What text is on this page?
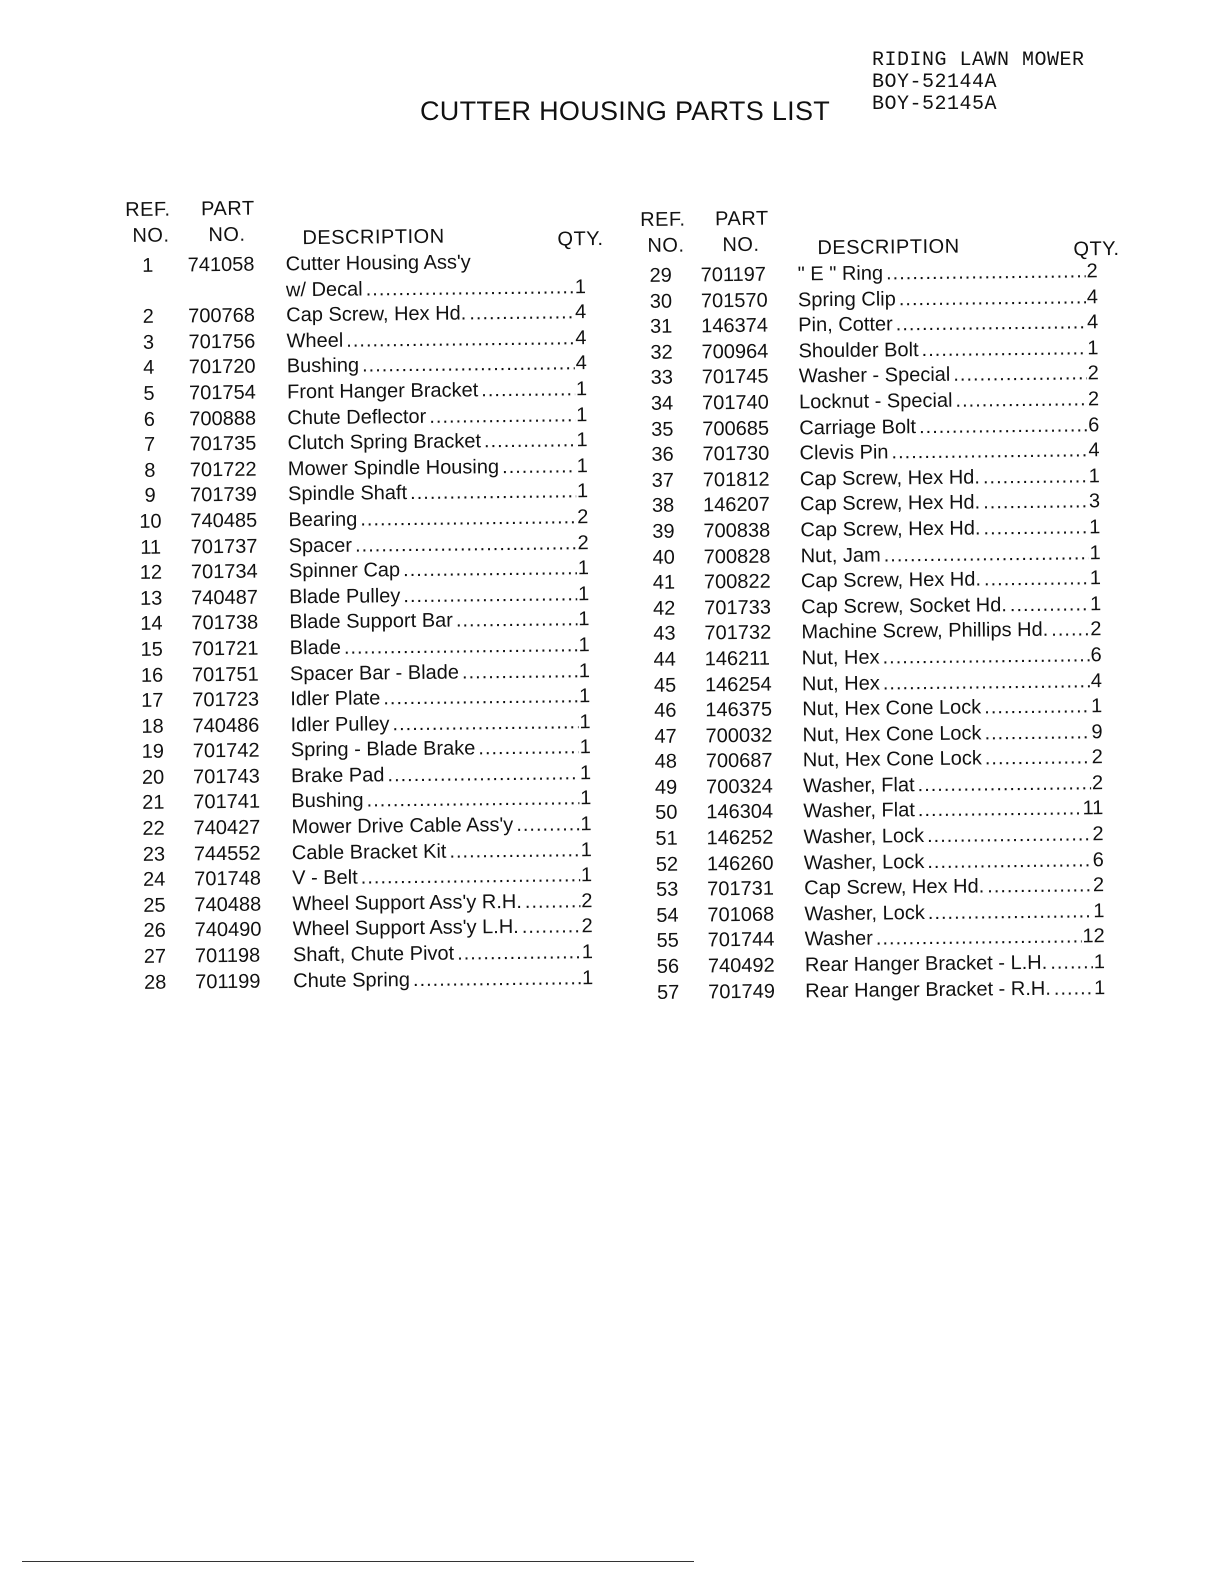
RIDING LAWN MOWER
BOY-52144A
BOY-52145A
CUTTER HOUSING PARTS LIST
REF.
NO.
PART
NO.	DESCRIPTION	QTY.
1	741058 Cutter Housing Ass'y
w/ Decal .....	1
2	700768 Cap Screw, Hex Hd. .....	4
3	701756 Wheel .....	4
4	701720 Bushing .....	4
5	701754 Front Hanger Bracket .....	1
6	700888 Chute Deflector .....	1
7	701735 Clutch Spring Bracket .....	1
8	701722 Mower Spindle Housing .....	1
9	701739 Spindle Shaft .....	1
10	740485 Bearing .....	2
11	701737 Spacer .....	2
12	701734 Spinner Cap .....	1
13	740487 Blade Pulley .....	1
14	701738 Blade Support Bar .....	1
15	701721 Blade .....	1
16	701751 Spacer Bar - Blade .....	1
17	701723 Idler Plate .....	1
18	740486 Idler Pulley .....	1
19	701742 Spring - Blade Brake .....	1
20	701743 Brake Pad .....	1
21	701741 Bushing .....	1
22	740427 Mower Drive Cable Ass'y .....	1
23	744552 Cable Bracket Kit .....	1
24	701748 V - Belt .....	1
25	740488 Wheel Support Ass'y R.H. .....	2
26	740490 Wheel Support Ass'y L.H. .....	2
27	701198 Shaft, Chute Pivot .....	1
28	701199 Chute Spring .....	1
REF.
NO.
PART
NO.	DESCRIPTION	QTY.
29	701197 " E " Ring .....	2
30	701570 Spring Clip .....	4
31	146374 Pin, Cotter .....	4
32	700964 Shoulder Bolt .....	1
33	701745 Washer - Special .....	2
34	701740 Locknut - Special .....	2
35	700685 Carriage Bolt .....	6
36	701730 Clevis Pin .....	4
37	701812 Cap Screw, Hex Hd. .....	1
38	146207 Cap Screw, Hex Hd. .....	3
39	700838 Cap Screw, Hex Hd. .....	1
40	700828 Nut, Jam .....	1
41	700822 Cap Screw, Hex Hd. .....	1
42	701733 Cap Screw, Socket Hd. .....	1
43	701732 Machine Screw, Phillips Hd. ..... 2
44	146211 Nut, Hex .....	6
45	146254 Nut, Hex .....	4
46	146375 Nut, Hex Cone Lock .....	1
47	700032 Nut, Hex Cone Lock .....	9
48	700687 Nut, Hex Cone Lock .....	2
49	700324 Washer, Flat .....	2
50	146304 Washer, Flat .....	11
51	146252 Washer, Lock .....	2
52	146260 Washer, Lock .....	6
53	701731 Cap Screw, Hex Hd. .....	2
54	701068 Washer, Lock .....	1
55	701744 Washer .....	12
56	740492 Rear Hanger Bracket - L.H. ..... 1
57	701749 Rear Hanger Bracket - R.H. ..... 1
